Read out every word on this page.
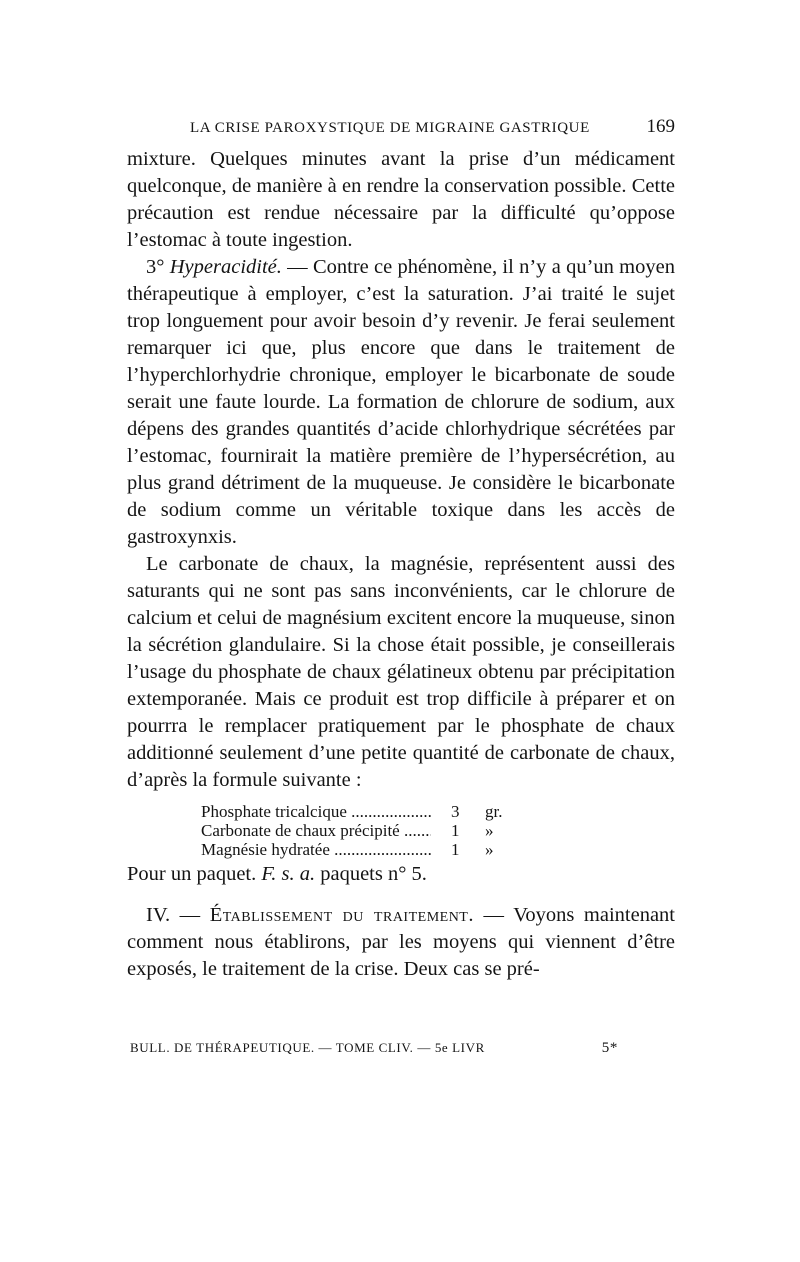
LA CRISE PAROXYSTIQUE DE MIGRAINE GASTRIQUE	169

mixture. Quelques minutes avant la prise d’un médicament quelconque, de manière à en rendre la conservation possible. Cette précaution est rendue nécessaire par la difficulté qu’oppose l’estomac à toute ingestion.

3° Hyperacidité. — Contre ce phénomène, il n’y a qu’un moyen thérapeutique à employer, c’est la saturation. J’ai traité le sujet trop longuement pour avoir besoin d’y revenir. Je ferai seulement remarquer ici que, plus encore que dans le traitement de l’hyperchlorhydrie chronique, employer le bicarbonate de soude serait une faute lourde. La formation de chlorure de sodium, aux dépens des grandes quantités d’acide chlorhydrique sécrétées par l’estomac, fournirait la matière première de l’hypersécrétion, au plus grand détriment de la muqueuse. Je considère le bicarbonate de sodium comme un véritable toxique dans les accès de gastroxynxis.

Le carbonate de chaux, la magnésie, représentent aussi des saturants qui ne sont pas sans inconvénients, car le chlorure de calcium et celui de magnésium excitent encore la muqueuse, sinon la sécrétion glandulaire. Si la chose était possible, je conseillerais l’usage du phosphate de chaux gélatineux obtenu par précipitation extemporanée. Mais ce produit est trop difficile à préparer et on pourrra le remplacer pratiquement par le phosphate de chaux additionné seulement d’une petite quantité de carbonate de chaux, d’après la formule suivante :

Phosphate tricalcique .....	3	gr.
Carbonate de chaux précipité .....	1	»
Magnésie hydratée .....	1	»

Pour un paquet. F. s. a. paquets n° 5.

IV. — Établissement du traitement. — Voyons maintenant comment nous établirons, par les moyens qui viennent d’être exposés, le traitement de la crise. Deux cas se pré-

BULL. DE THÉRAPEUTIQUE. — TOME CLIV. — 5e LIVR	5*
